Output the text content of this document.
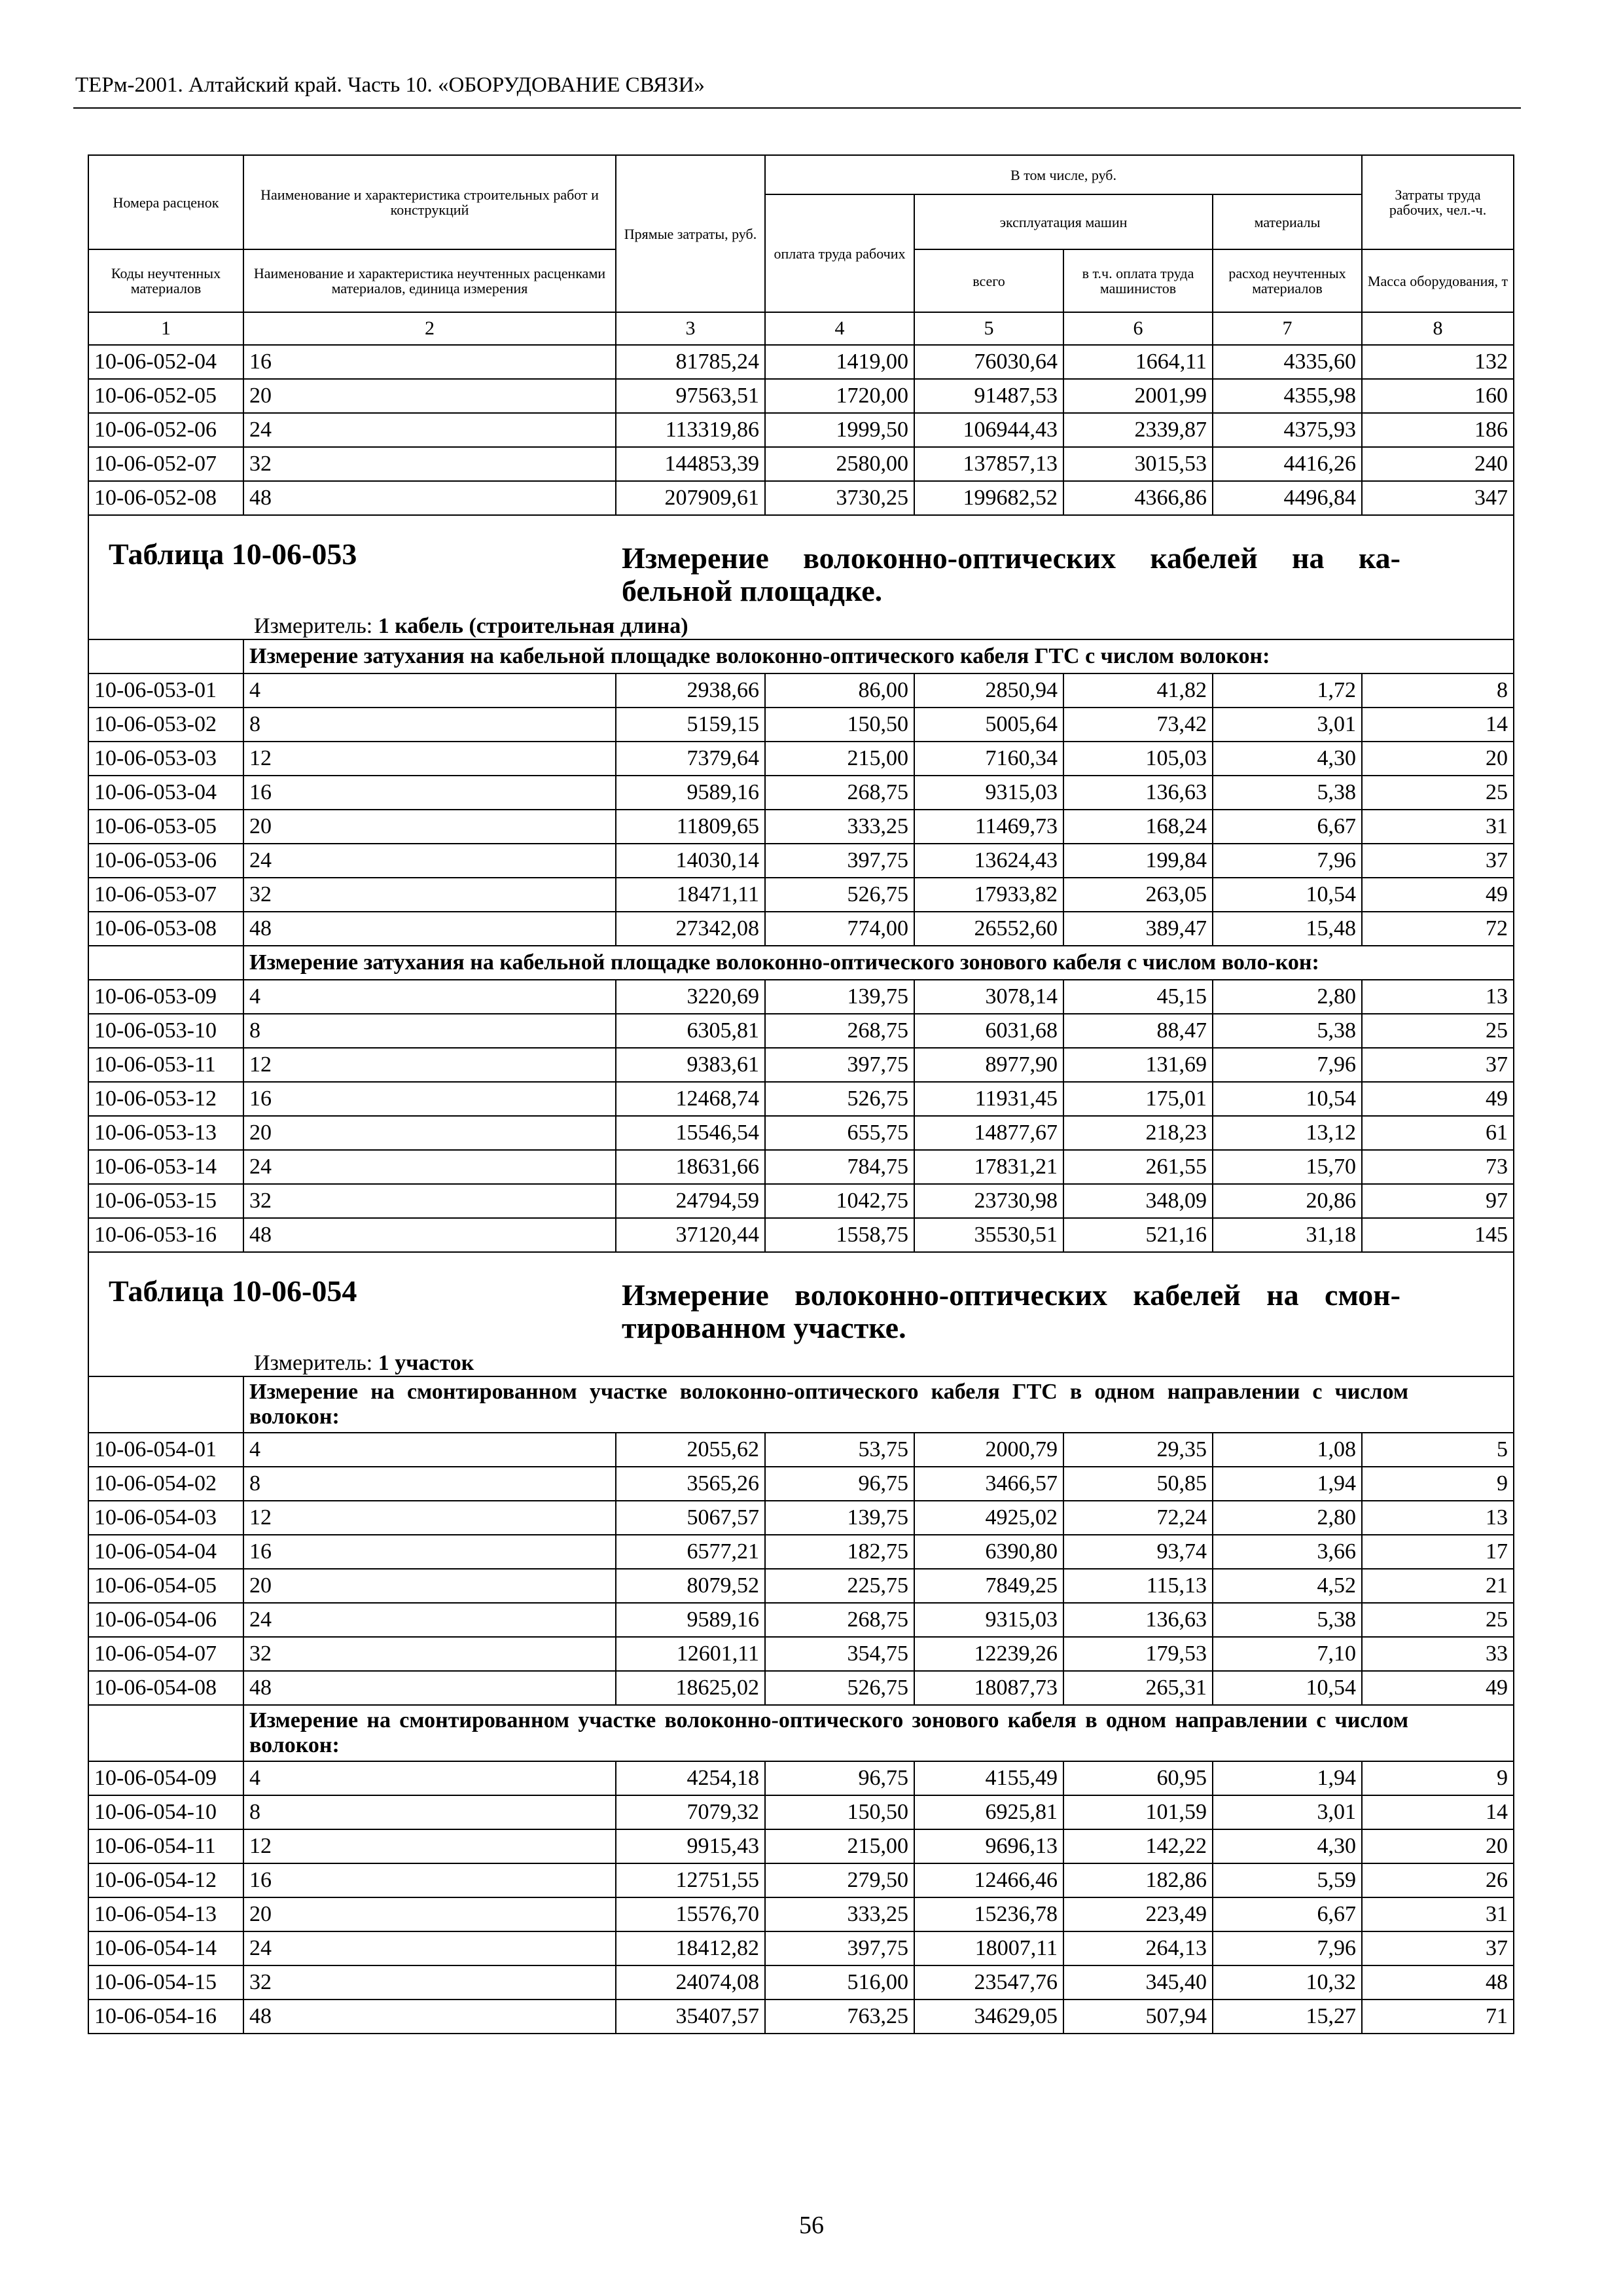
ТЕРм-2001. Алтайский край. Часть 10. «ОБОРУДОВАНИЕ СВЯЗИ»
Номера расценок	Наименование и характеристика строительных работ и конструкций	Прямые затраты, руб.	В том числе, руб.				Затраты труда рабочих, чел.-ч.
			оплата труда рабочих	эксплуатация машин		материалы	
Коды неучтенных материалов	Наименование и характеристика неучтенных расценками материалов, единица измерения			всего	в т.ч. оплата труда машинистов	расход неучтенных материалов	Масса оборудования, т
1	2	3	4	5	6	7	8
10-06-052-04	16	81785,24	1419,00	76030,64	1664,11	4335,60	132
10-06-052-05	20	97563,51	1720,00	91487,53	2001,99	4355,98	160
10-06-052-06	24	113319,86	1999,50	106944,43	2339,87	4375,93	186
10-06-052-07	32	144853,39	2580,00	137857,13	3015,53	4416,26	240
10-06-052-08	48	207909,61	3730,25	199682,52	4366,86	4496,84	347

Таблица 10-06-053 Измерение волоконно-оптических кабелей на ка-бельной площадке.
Измеритель: 1 кабель (строительная длина)							

	Измерение затухания на кабельной площадке волоконно-оптического кабеля ГТС с числом волокон:						
10-06-053-01	4	2938,66	86,00	2850,94	41,82	1,72	8
10-06-053-02	8	5159,15	150,50	5005,64	73,42	3,01	14
10-06-053-03	12	7379,64	215,00	7160,34	105,03	4,30	20
10-06-053-04	16	9589,16	268,75	9315,03	136,63	5,38	25
10-06-053-05	20	11809,65	333,25	11469,73	168,24	6,67	31
10-06-053-06	24	14030,14	397,75	13624,43	199,84	7,96	37
10-06-053-07	32	18471,11	526,75	17933,82	263,05	10,54	49
10-06-053-08	48	27342,08	774,00	26552,60	389,47	15,48	72
	Измерение затухания на кабельной площадке волоконно-оптического зонового кабеля с числом воло-кон:						
10-06-053-09	4	3220,69	139,75	3078,14	45,15	2,80	13
10-06-053-10	8	6305,81	268,75	6031,68	88,47	5,38	25
10-06-053-11	12	9383,61	397,75	8977,90	131,69	7,96	37
10-06-053-12	16	12468,74	526,75	11931,45	175,01	10,54	49
10-06-053-13	20	15546,54	655,75	14877,67	218,23	13,12	61
10-06-053-14	24	18631,66	784,75	17831,21	261,55	15,70	73
10-06-053-15	32	24794,59	1042,75	23730,98	348,09	20,86	97
10-06-053-16	48	37120,44	1558,75	35530,51	521,16	31,18	145

Таблица 10-06-054 Измерение волоконно-оптических кабелей на смон-тированном участке.
Измеритель: 1 участок							

	Измерение на смонтированном участке волоконно-оптического кабеля ГТС в одном направлении с числом волокон:						
10-06-054-01	4	2055,62	53,75	2000,79	29,35	1,08	5
10-06-054-02	8	3565,26	96,75	3466,57	50,85	1,94	9
10-06-054-03	12	5067,57	139,75	4925,02	72,24	2,80	13
10-06-054-04	16	6577,21	182,75	6390,80	93,74	3,66	17
10-06-054-05	20	8079,52	225,75	7849,25	115,13	4,52	21
10-06-054-06	24	9589,16	268,75	9315,03	136,63	5,38	25
10-06-054-07	32	12601,11	354,75	12239,26	179,53	7,10	33
10-06-054-08	48	18625,02	526,75	18087,73	265,31	10,54	49
	Измерение на смонтированном участке волоконно-оптического зонового кабеля в одном направлении с числом волокон:						
10-06-054-09	4	4254,18	96,75	4155,49	60,95	1,94	9
10-06-054-10	8	7079,32	150,50	6925,81	101,59	3,01	14
10-06-054-11	12	9915,43	215,00	9696,13	142,22	4,30	20
10-06-054-12	16	12751,55	279,50	12466,46	182,86	5,59	26
10-06-054-13	20	15576,70	333,25	15236,78	223,49	6,67	31
10-06-054-14	24	18412,82	397,75	18007,11	264,13	7,96	37
10-06-054-15	32	24074,08	516,00	23547,76	345,40	10,32	48
10-06-054-16	48	35407,57	763,25	34629,05	507,94	15,27	71
56
